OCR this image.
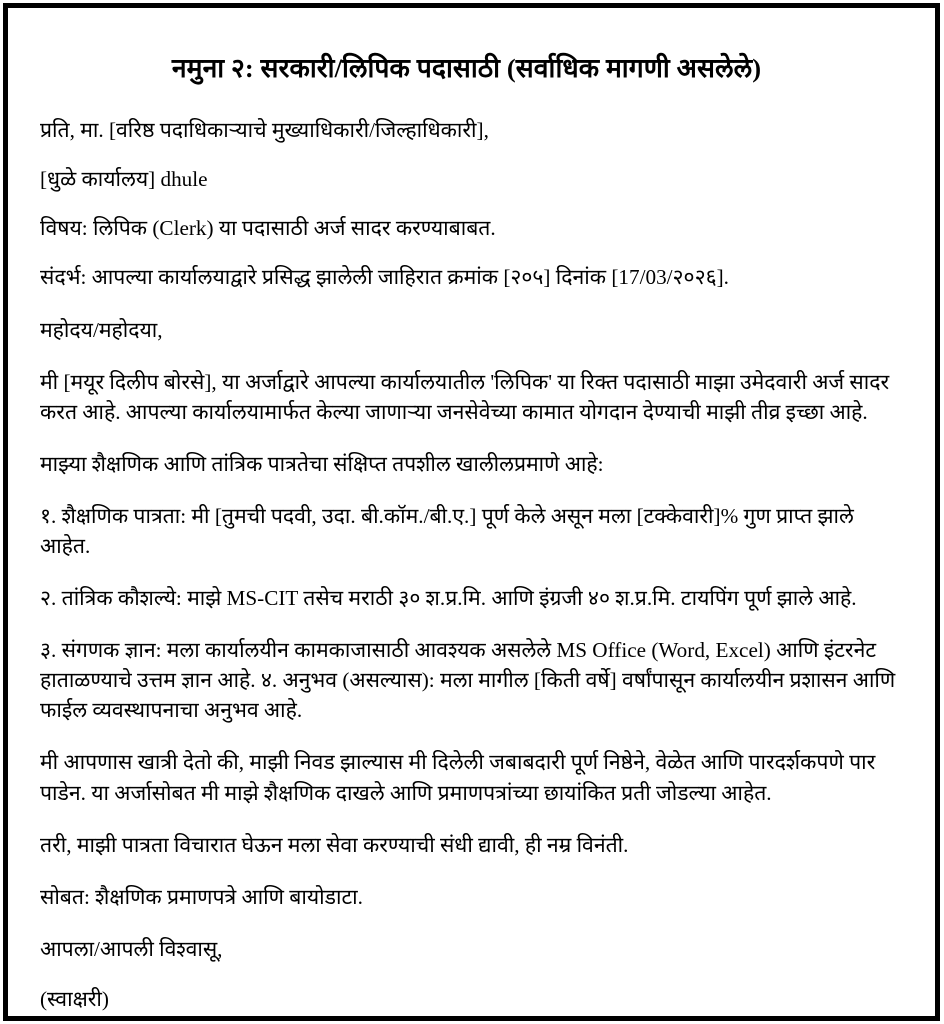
नमुना २: सरकारी/लिपिक पदासाठी (सर्वाधिक मागणी असलेले)

प्रति, मा. [वरिष्ठ पदाधिकाऱ्याचे मुख्याधिकारी/जिल्हाधिकारी],

[धुळे कार्यालय] dhule

विषय: लिपिक (Clerk) या पदासाठी अर्ज सादर करण्याबाबत.

संदर्भ: आपल्या कार्यालयाद्वारे प्रसिद्ध झालेली जाहिरात क्रमांक [२०५] दिनांक [17/03/२०२६].

महोदय/महोदया,

मी [मयूर दिलीप बोरसे], या अर्जाद्वारे आपल्या कार्यालयातील 'लिपिक' या रिक्त पदासाठी माझा उमेदवारी अर्ज सादर करत आहे. आपल्या कार्यालयामार्फत केल्या जाणाऱ्या जनसेवेच्या कामात योगदान देण्याची माझी तीव्र इच्छा आहे.

माझ्या शैक्षणिक आणि तांत्रिक पात्रतेचा संक्षिप्त तपशील खालीलप्रमाणे आहे:

१. शैक्षणिक पात्रता: मी [तुमची पदवी, उदा. बी.कॉम./बी.ए.] पूर्ण केले असून मला [टक्केवारी]% गुण प्राप्त झाले आहेत.

२. तांत्रिक कौशल्ये: माझे MS-CIT तसेच मराठी ३० श.प्र.मि. आणि इंग्रजी ४० श.प्र.मि. टायपिंग पूर्ण झाले आहे.

३. संगणक ज्ञान: मला कार्यालयीन कामकाजासाठी आवश्यक असलेले MS Office (Word, Excel) आणि इंटरनेट हाताळण्याचे उत्तम ज्ञान आहे. ४. अनुभव (असल्यास): मला मागील [किती वर्षे] वर्षांपासून कार्यालयीन प्रशासन आणि फाईल व्यवस्थापनाचा अनुभव आहे.

मी आपणास खात्री देतो की, माझी निवड झाल्यास मी दिलेली जबाबदारी पूर्ण निष्ठेने, वेळेत आणि पारदर्शकपणे पार पाडेन. या अर्जासोबत मी माझे शैक्षणिक दाखले आणि प्रमाणपत्रांच्या छायांकित प्रती जोडल्या आहेत.

तरी, माझी पात्रता विचारात घेऊन मला सेवा करण्याची संधी द्यावी, ही नम्र विनंती.

सोबत: शैक्षणिक प्रमाणपत्रे आणि बायोडाटा.

आपला/आपली विश्वासू,

(स्वाक्षरी)
